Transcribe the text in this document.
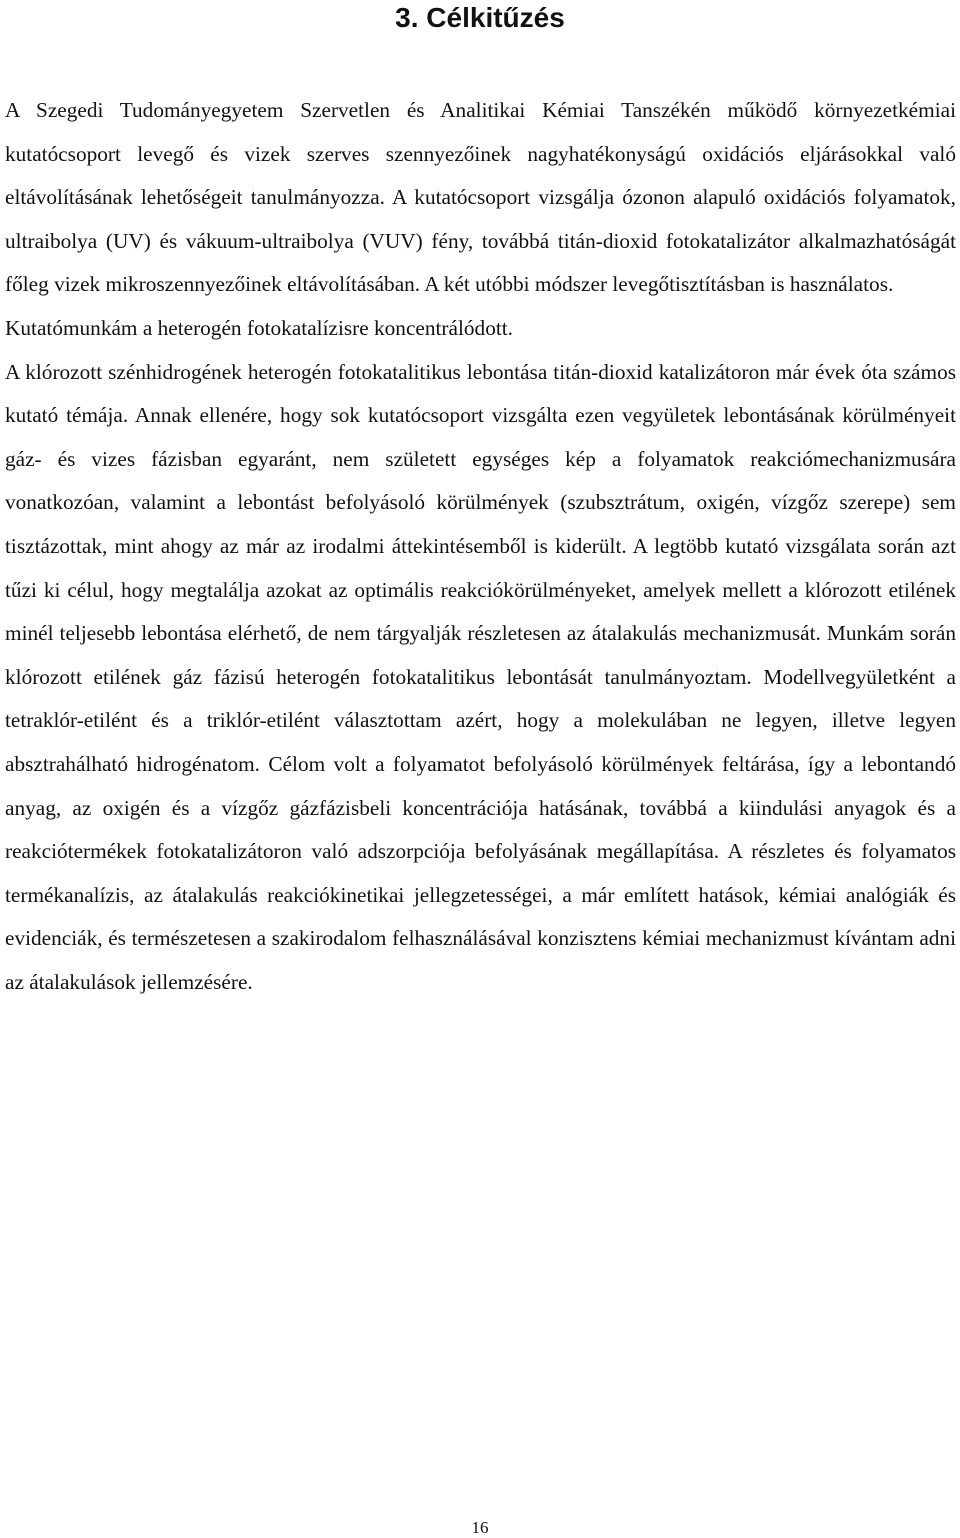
3. Célkitűzés

A Szegedi Tudományegyetem Szervetlen és Analitikai Kémiai Tanszékén működő környezetkémiai kutatócsoport levegő és vizek szerves szennyezőinek nagyhatékonyságú oxidációs eljárásokkal való eltávolításának lehetőségeit tanulmányozza. A kutatócsoport vizsgálja ózonon alapuló oxidációs folyamatok, ultraibolya (UV) és vákuum-ultraibolya (VUV) fény, továbbá titán-dioxid fotokatalizátor alkalmazhatóságát főleg vizek mikroszennyezőinek eltávolításában. A két utóbbi módszer levegőtisztításban is használatos.

Kutatómunkám a heterogén fotokatalízisre koncentrálódott.

A klórozott szénhidrogének heterogén fotokatalitikus lebontása titán-dioxid katalizátoron már évek óta számos kutató témája. Annak ellenére, hogy sok kutatócsoport vizsgálta ezen vegyületek lebontásának körülményeit gáz- és vizes fázisban egyaránt, nem született egységes kép a folyamatok reakciómechanizmusára vonatkozóan, valamint a lebontást befolyásoló körülmények (szubsztrátum, oxigén, vízgőz szerepe) sem tisztázottak, mint ahogy az már az irodalmi áttekintésemből is kiderült. A legtöbb kutató vizsgálata során azt tűzi ki célul, hogy megtalálja azokat az optimális reakciókörülményeket, amelyek mellett a klórozott etilének minél teljesebb lebontása elérhető, de nem tárgyalják részletesen az átalakulás mechanizmusát. Munkám során klórozott etilének gáz fázisú heterogén fotokatalitikus lebontását tanulmányoztam. Modellvegyületként a tetraklór-etilént és a triklór-etilént választottam azért, hogy a molekulában ne legyen, illetve legyen absztrahálható hidrogénatom. Célom volt a folyamatot befolyásoló körülmények feltárása, így a lebontandó anyag, az oxigén és a vízgőz gázfázisbeli koncentrációja hatásának, továbbá a kiindulási anyagok és a reakciótermékek fotokatalizátoron való adszorpciója befolyásának megállapítása. A részletes és folyamatos termékanalízis, az átalakulás reakciókinetikai jellegzetességei, a már említett hatások, kémiai analógiák és evidenciák, és természetesen a szakirodalom felhasználásával konzisztens kémiai mechanizmust kívántam adni az átalakulások jellemzésére.

16
